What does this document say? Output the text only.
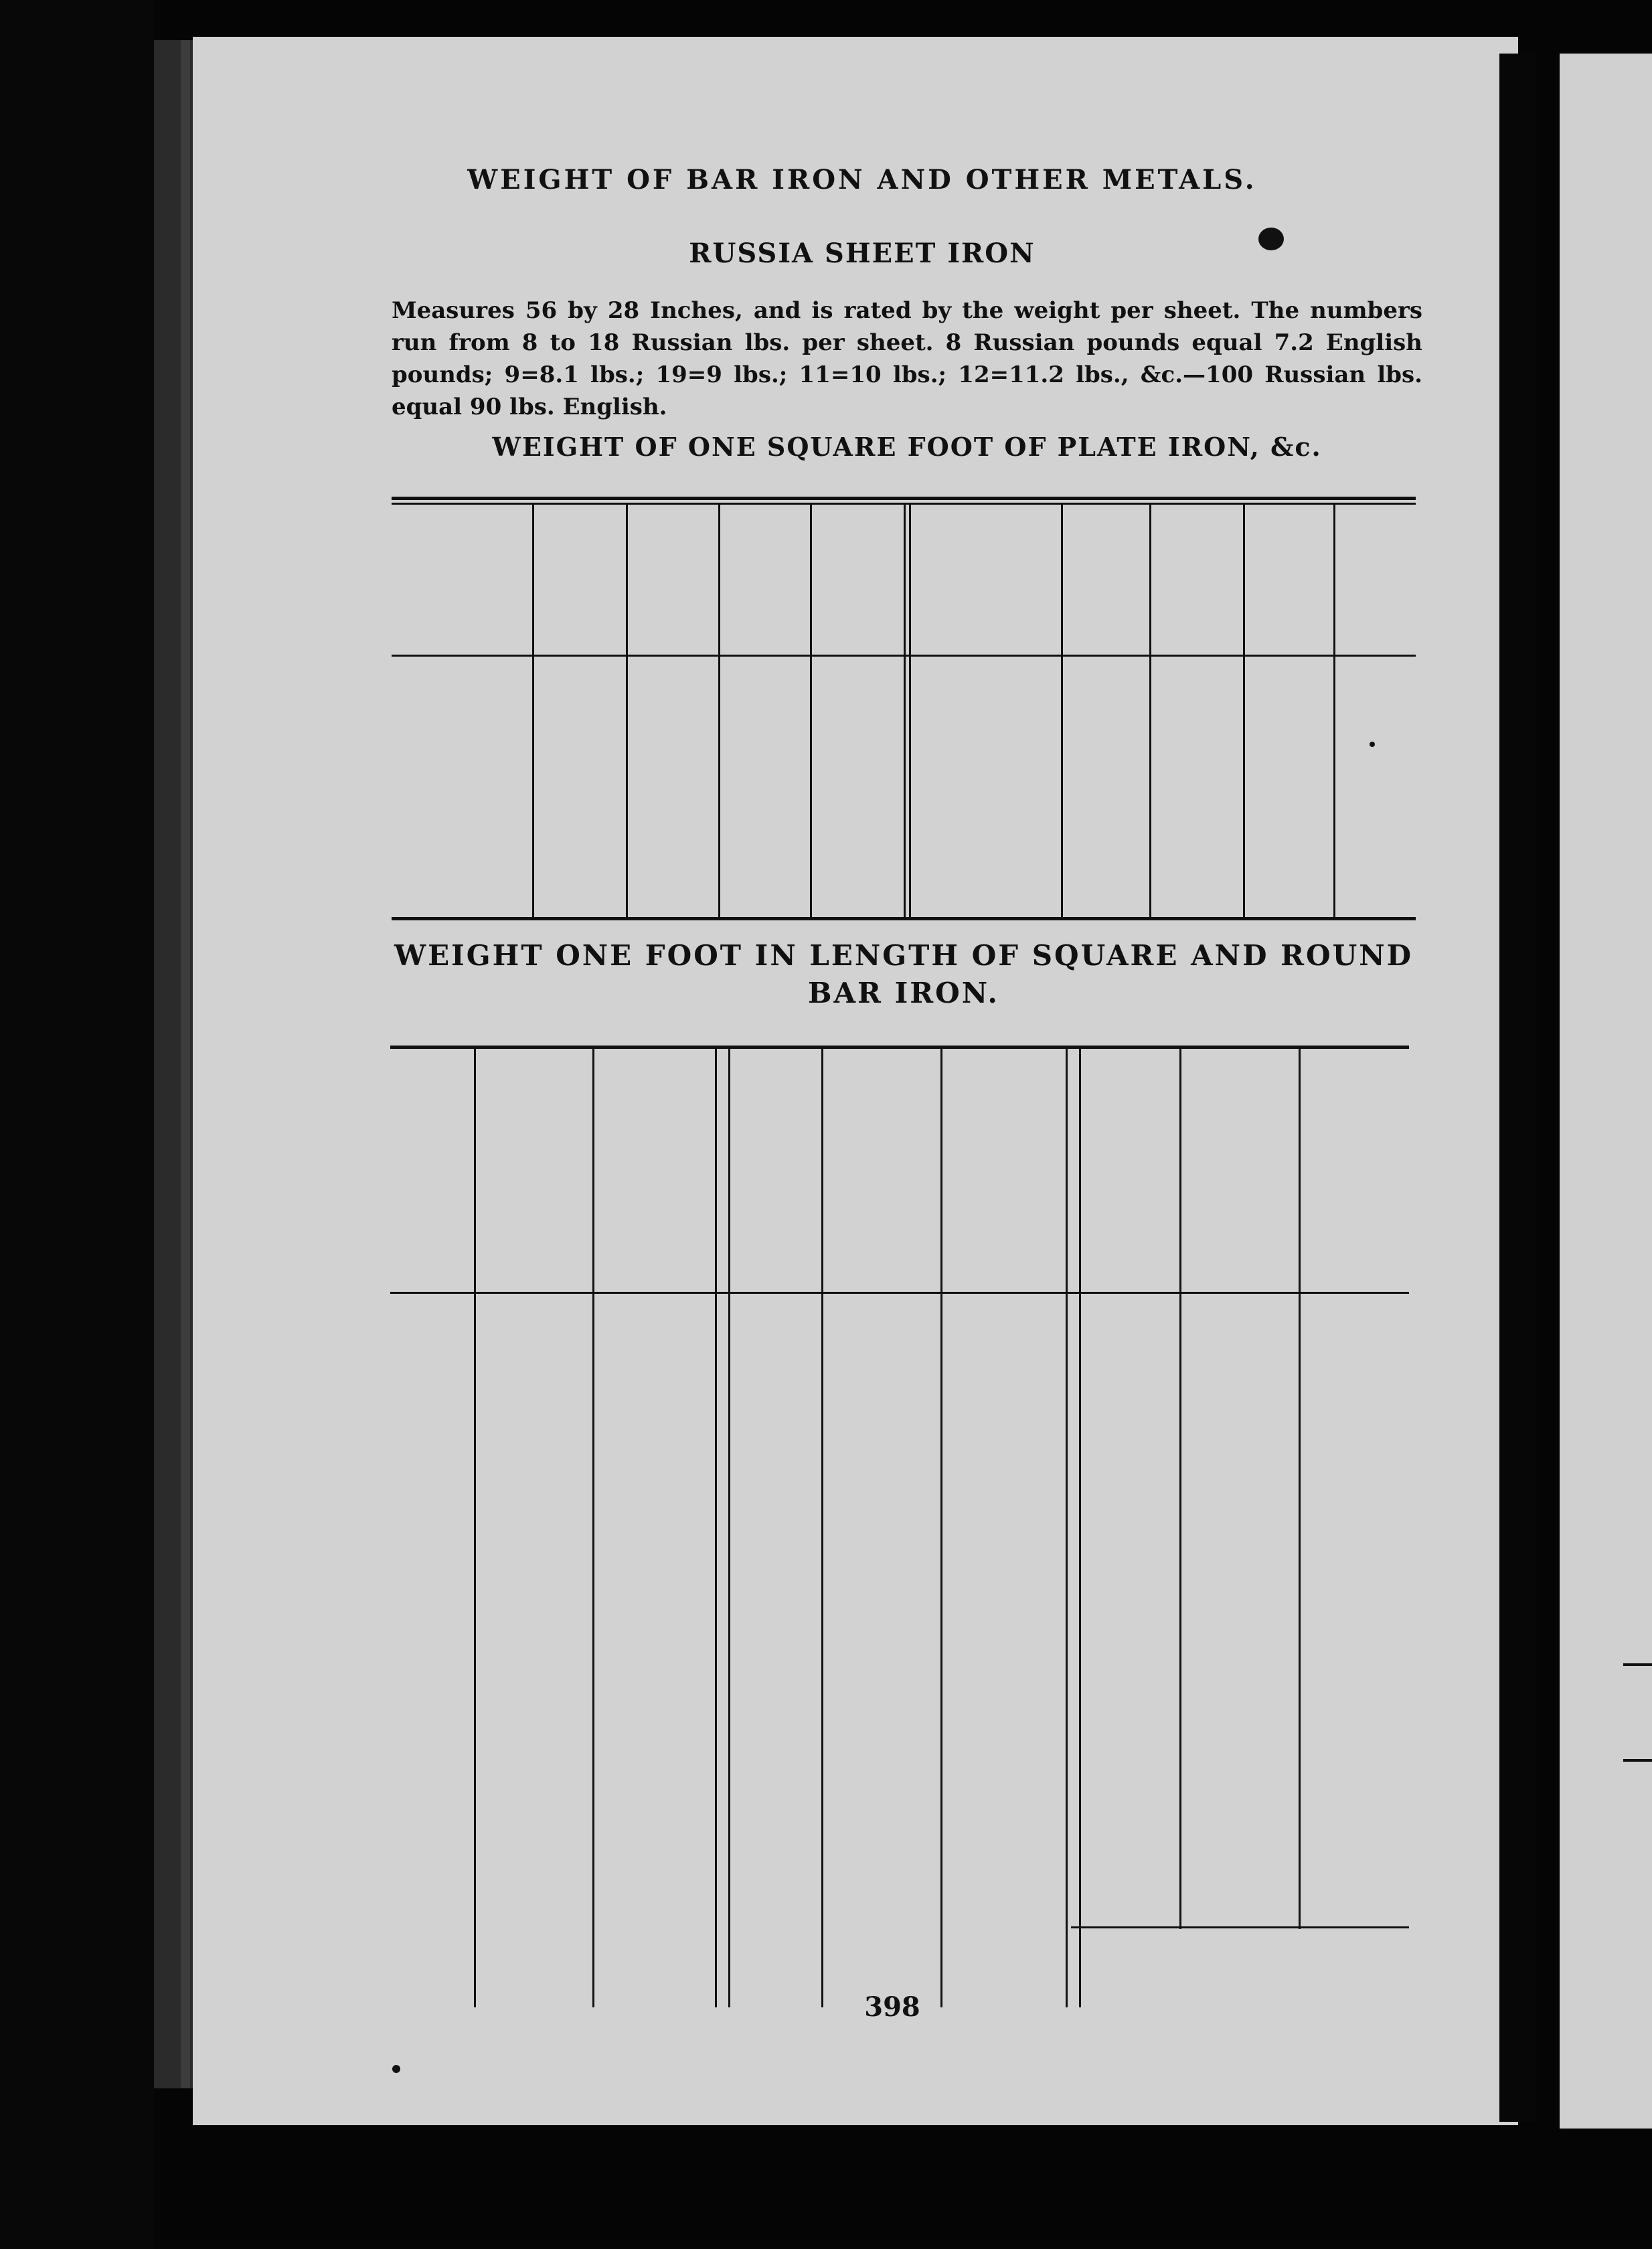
WEIGHT OF BAR IRON AND OTHER METALS.
RUSSIA SHEET IRON
Measures 56 by 28 Inches, and is rated by the weight per sheet. The numbers run from 8 to 18 Russian lbs. per sheet. 8 Russian pounds equal 7.2 English pounds; 9=8.1 lbs.; 19=9 lbs.; 11=10 lbs.; 12=11.2 lbs., &c.—100 Russian lbs. equal 90 lbs. English.
WEIGHT OF ONE SQUARE FOOT OF PLATE IRON, &c.
WEIGHT ONE FOOT IN LENGTH OF SQUARE AND ROUND BAR IRON.
398
